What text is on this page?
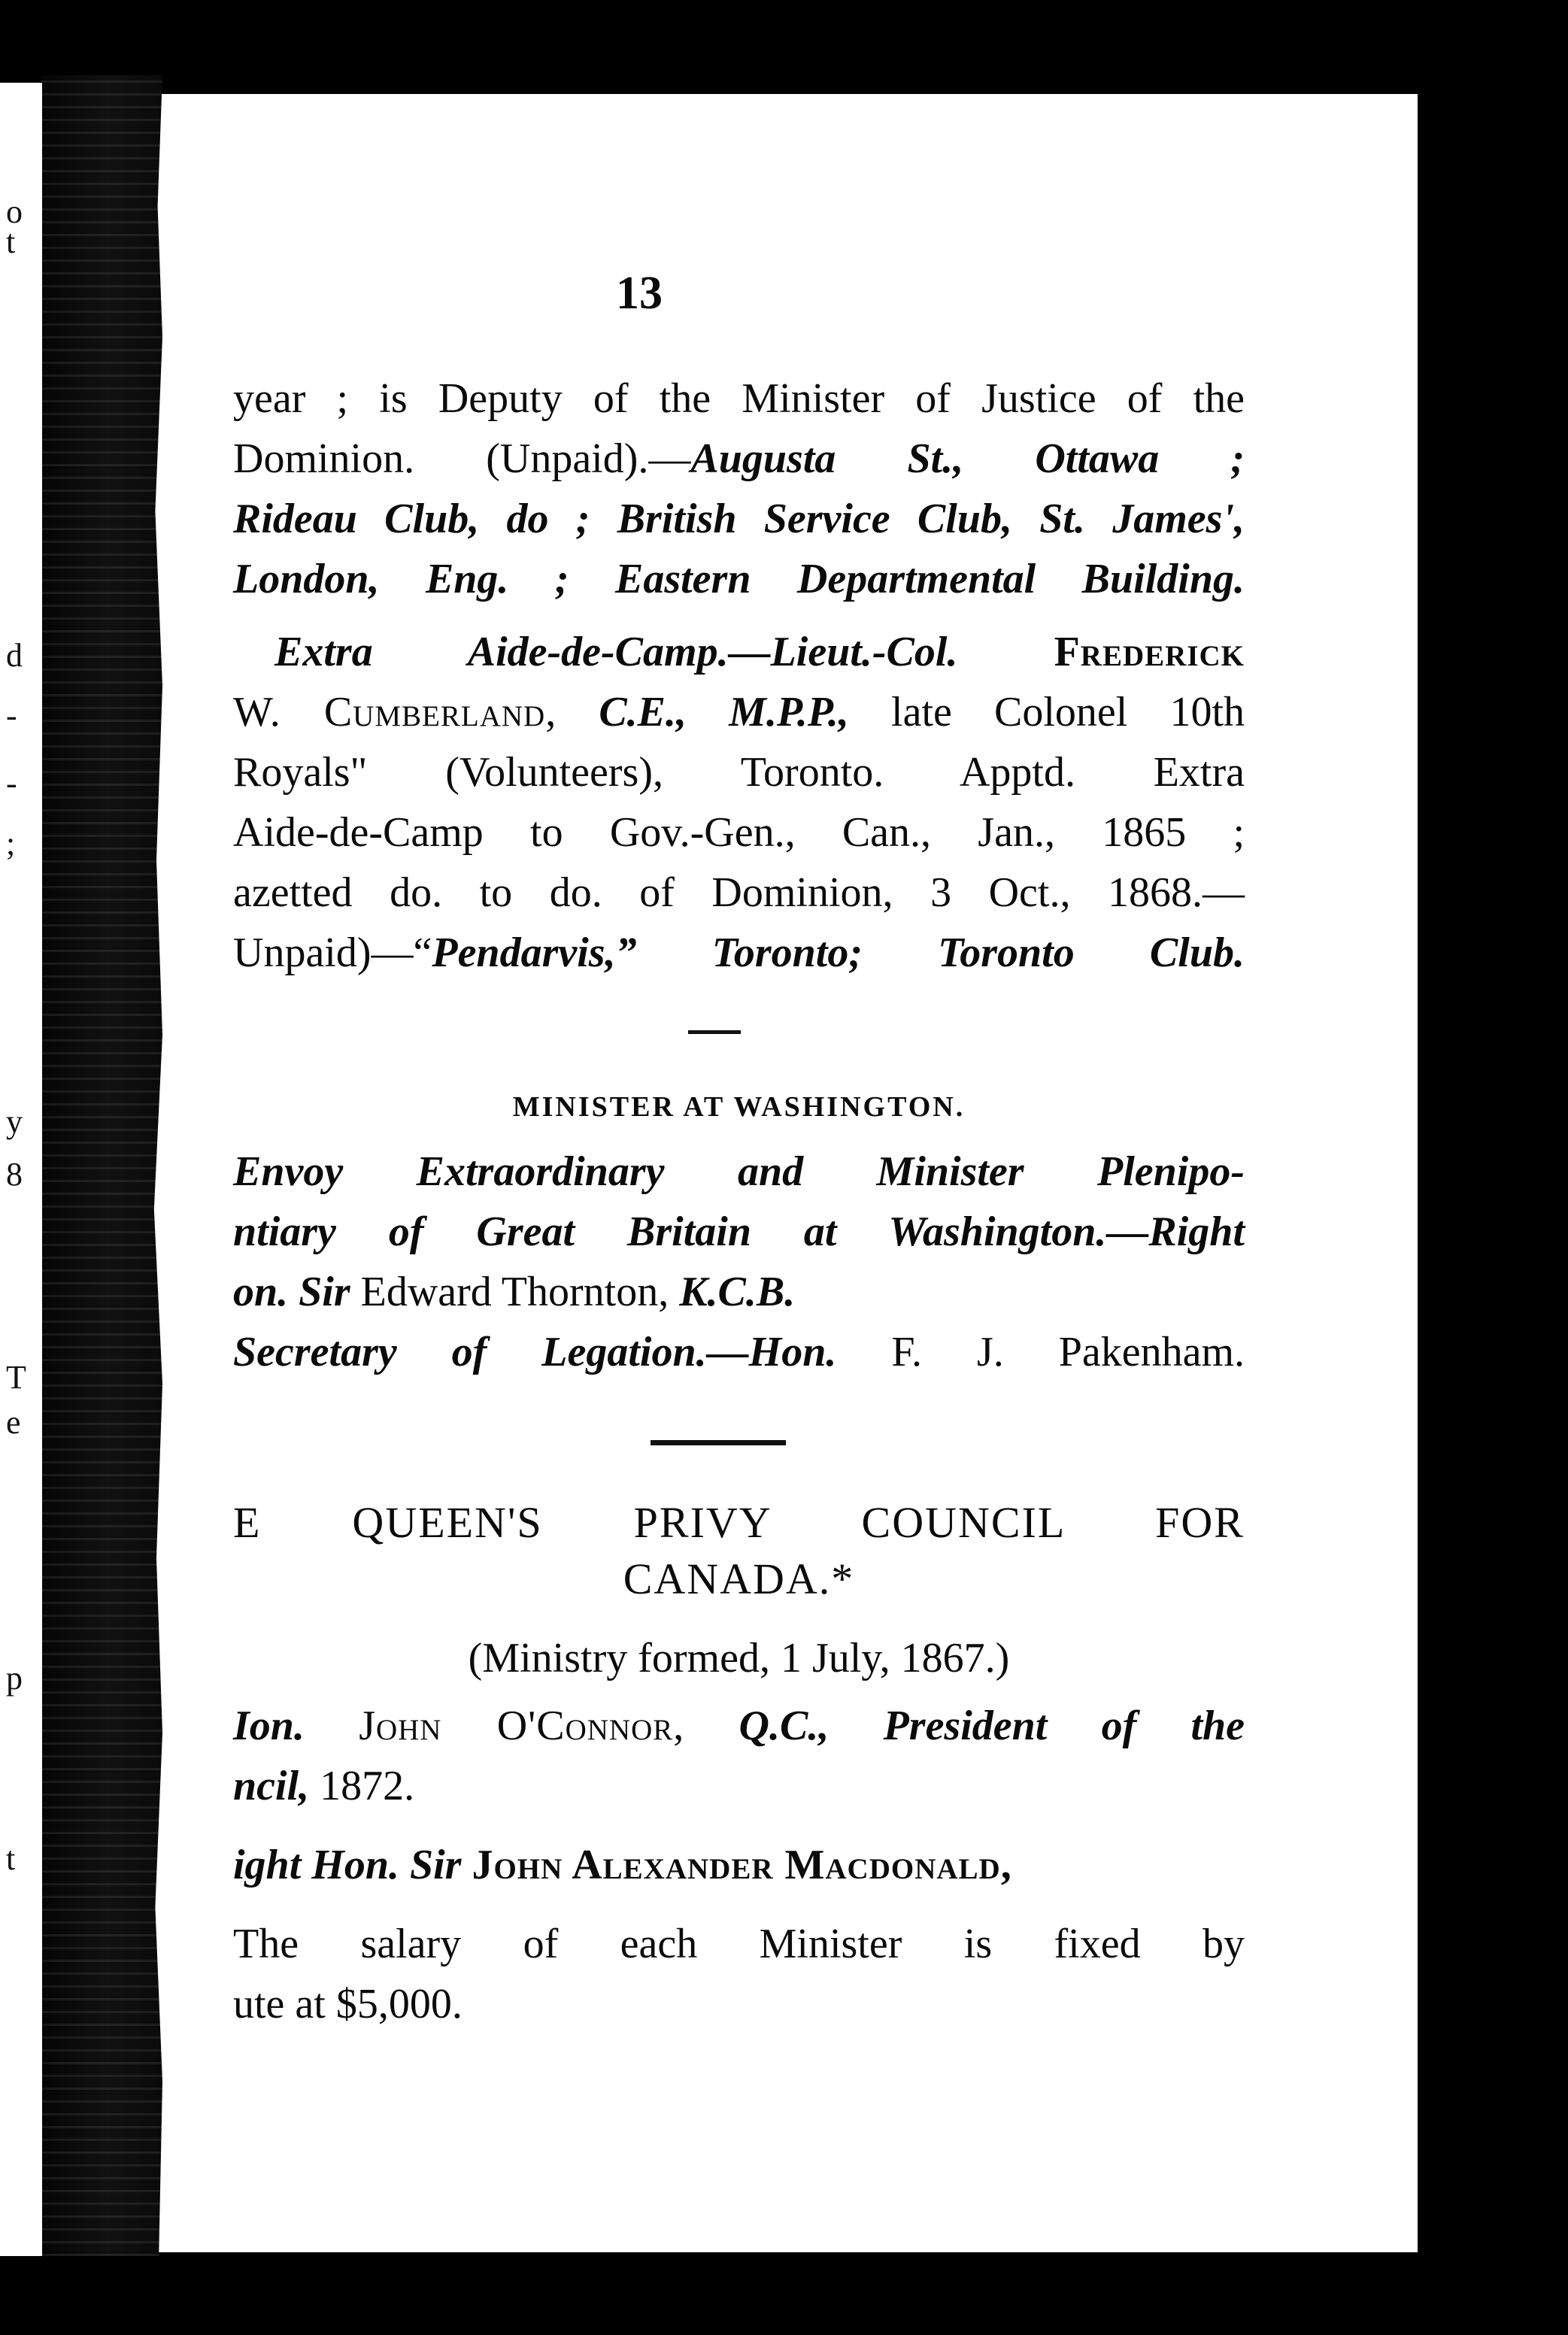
o
t
d
-
-
;
y
8
T
e
p
t
13
year ; is Deputy of the Minister of Justice of the
Dominion. (Unpaid).—Augusta St., Ottawa ;
Rideau Club, do ; British Service Club, St. James',
London, Eng. ; Eastern Departmental Building.
Extra Aide-de-Camp.—Lieut.-Col. Frederick
W. Cumberland, C.E., M.P.P., late Colonel 10th
Royals" (Volunteers), Toronto. Apptd. Extra
Aide-de-Camp to Gov.-Gen., Can., Jan., 1865 ;
azetted do. to do. of Dominion, 3 Oct., 1868.—
Unpaid)—“Pendarvis,” Toronto; Toronto Club.
MINISTER AT WASHINGTON.
Envoy Extraordinary and Minister Plenipo-
ntiary of Great Britain at Washington.—Right
on. Sir Edward Thornton, K.C.B.
Secretary of Legation.—Hon. F. J. Pakenham.
E QUEEN'S PRIVY COUNCIL FOR
CANADA.*
(Ministry formed, 1 July, 1867.)
Ion. John O'Connor, Q.C., President of the
ncil, 1872.
ight Hon. Sir John Alexander Macdonald,
The salary of each Minister is fixed by
ute at $5,000.
